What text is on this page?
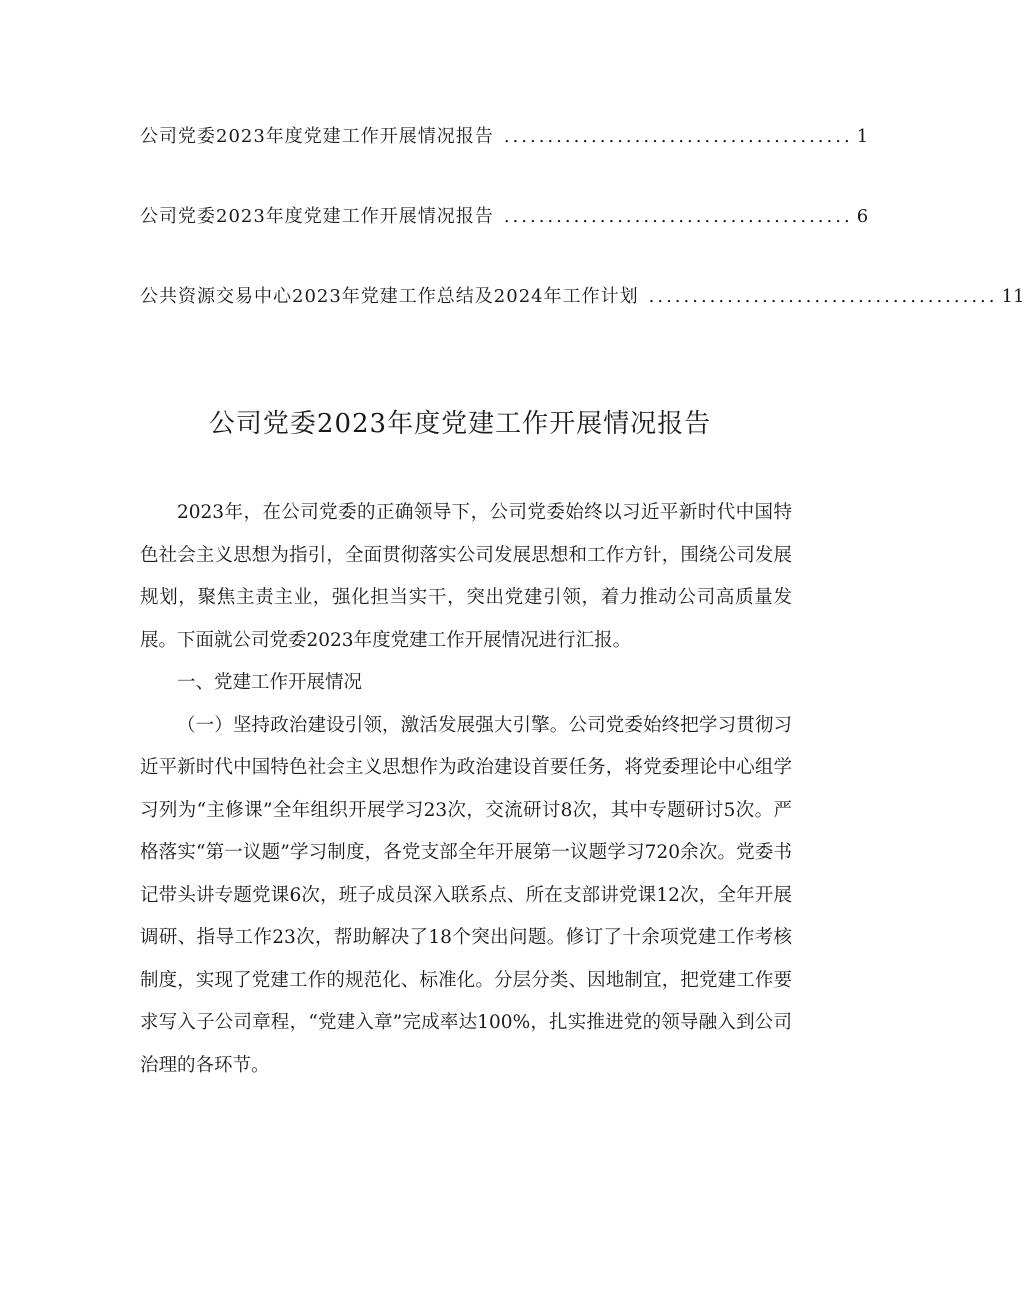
公司党委2023年度党建工作开展情况报告 ........................................ 1
公司党委2023年度党建工作开展情况报告 ........................................ 6
公共资源交易中心2023年党建工作总结及2024年工作计划 ........................................ 11
公司党委2023年度党建工作开展情况报告

2023年，在公司党委的正确领导下，公司党委始终以习近平新时代中国特色社会主义思想为指引，全面贯彻落实公司发展思想和工作方针，围绕公司发展规划，聚焦主责主业，强化担当实干，突出党建引领，着力推动公司高质量发展。下面就公司党委2023年度党建工作开展情况进行汇报。

一、党建工作开展情况

（一）坚持政治建设引领，激活发展强大引擎。公司党委始终把学习贯彻习近平新时代中国特色社会主义思想作为政治建设首要任务，将党委理论中心组学习列为“主修课”全年组织开展学习23次，交流研讨8次，其中专题研讨5次。严格落实“第一议题”学习制度，各党支部全年开展第一议题学习720余次。党委书记带头讲专题党课6次，班子成员深入联系点、所在支部讲党课12次，全年开展调研、指导工作23次，帮助解决了18个突出问题。修订了十余项党建工作考核制度，实现了党建工作的规范化、标准化。分层分类、因地制宜，把党建工作要求写入子公司章程，“党建入章”完成率达100%，扎实推进党的领导融入到公司治理的各环节。
